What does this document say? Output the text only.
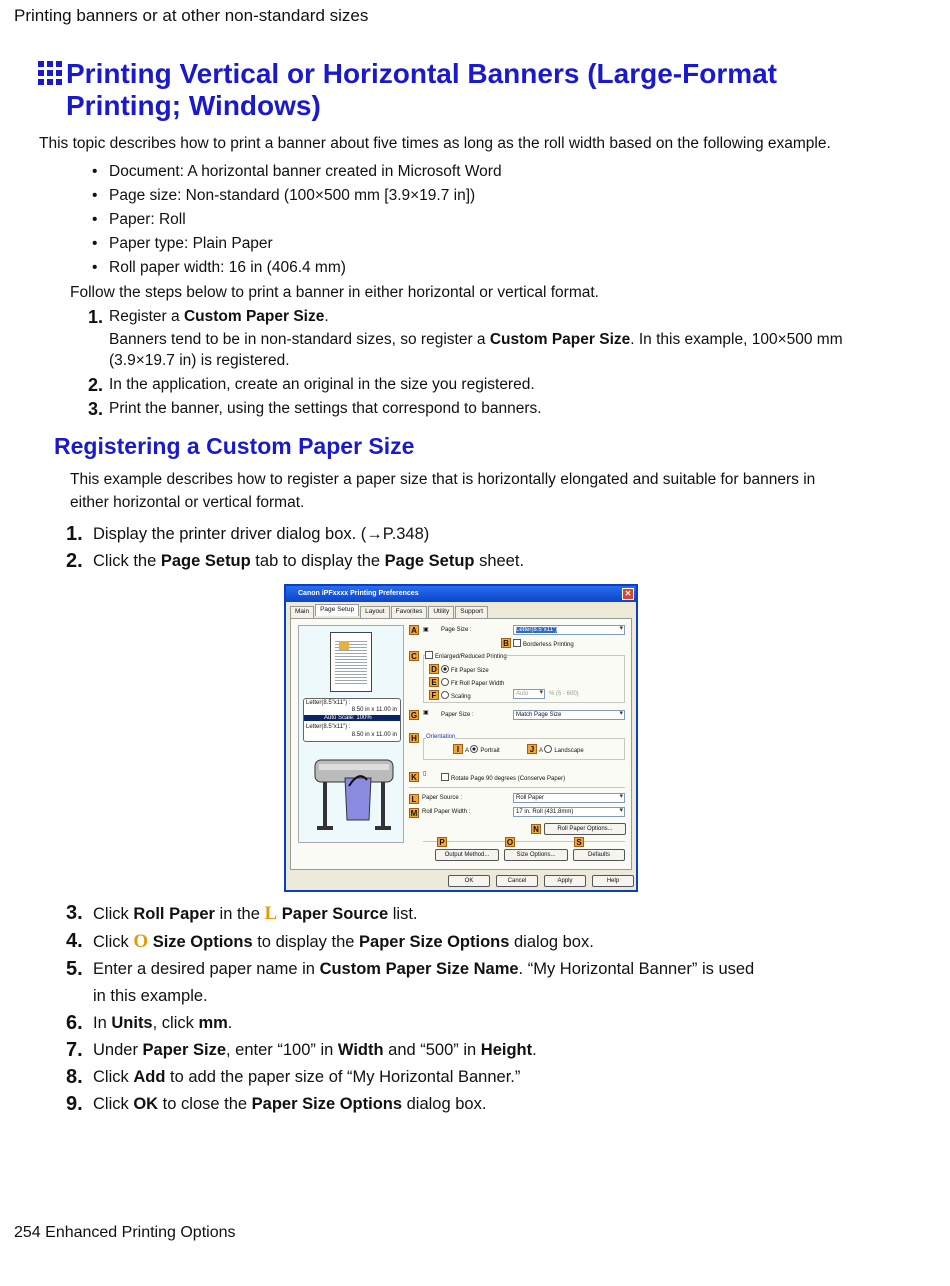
Printing banners or at other non-standard sizes
Printing Vertical or Horizontal Banners (Large-Format
Printing; Windows)
This topic describes how to print a banner about five times as long as the roll width based on the following example.
• Document: A horizontal banner created in Microsoft Word
• Page size: Non-standard (100×500 mm [3.9×19.7 in])
• Paper: Roll
• Paper type: Plain Paper
• Roll paper width: 16 in (406.4 mm)
Follow the steps below to print a banner in either horizontal or vertical format.
1. Register a Custom Paper Size.
Banners tend to be in non-standard sizes, so register a Custom Paper Size. In this example, 100×500 mm (3.9×19.7 in) is registered.
2. In the application, create an original in the size you registered.
3. Print the banner, using the settings that correspond to banners.
Registering a Custom Paper Size
This example describes how to register a paper size that is horizontally elongated and suitable for banners in either horizontal or vertical format.
1. Display the printer driver dialog box. (→P.348)
2. Click the Page Setup tab to display the Page Setup sheet.
Canon iPFxxxx Printing Preferences	✕
Main	Page Setup	Layout	Favorites	Utility	Support
Letter(8.5"x11") :
8.50 in x 11.00 in
Auto Scale: 100%
Letter(8.5"x11") :
8.50 in x 11.00 in
A	▣ Page Size :	Letter(8.5"x11") ▾
B	Borderless Printing
C	Enlarged/Reduced Printing
D	Fit Paper Size
E	Fit Roll Paper Width
F	Scaling	Auto ▾	% (5 - 600)
G ▣ Paper Size :	Match Page Size ▾
H	Orientation
I A Portrait	J A Landscape
K	▯
Rotate Page 90 degrees (Conserve Paper)
L Paper Source :	Roll Paper ▾
M Roll Paper Width :	17 in. Roll (431.8mm) ▾
N	Roll Paper Options...
P	O	S
Output Method...	Size Options...	Defaults
OK	Cancel	Apply	Help
3. Click Roll Paper in the L Paper Source list.
4. Click O Size Options to display the Paper Size Options dialog box.
5. Enter a desired paper name in Custom Paper Size Name. “My Horizontal Banner” is used
in this example.
6. In Units, click mm.
7. Under Paper Size, enter “100” in Width and “500” in Height.
8. Click Add to add the paper size of “My Horizontal Banner.”
9. Click OK to close the Paper Size Options dialog box.
254 Enhanced Printing Options
